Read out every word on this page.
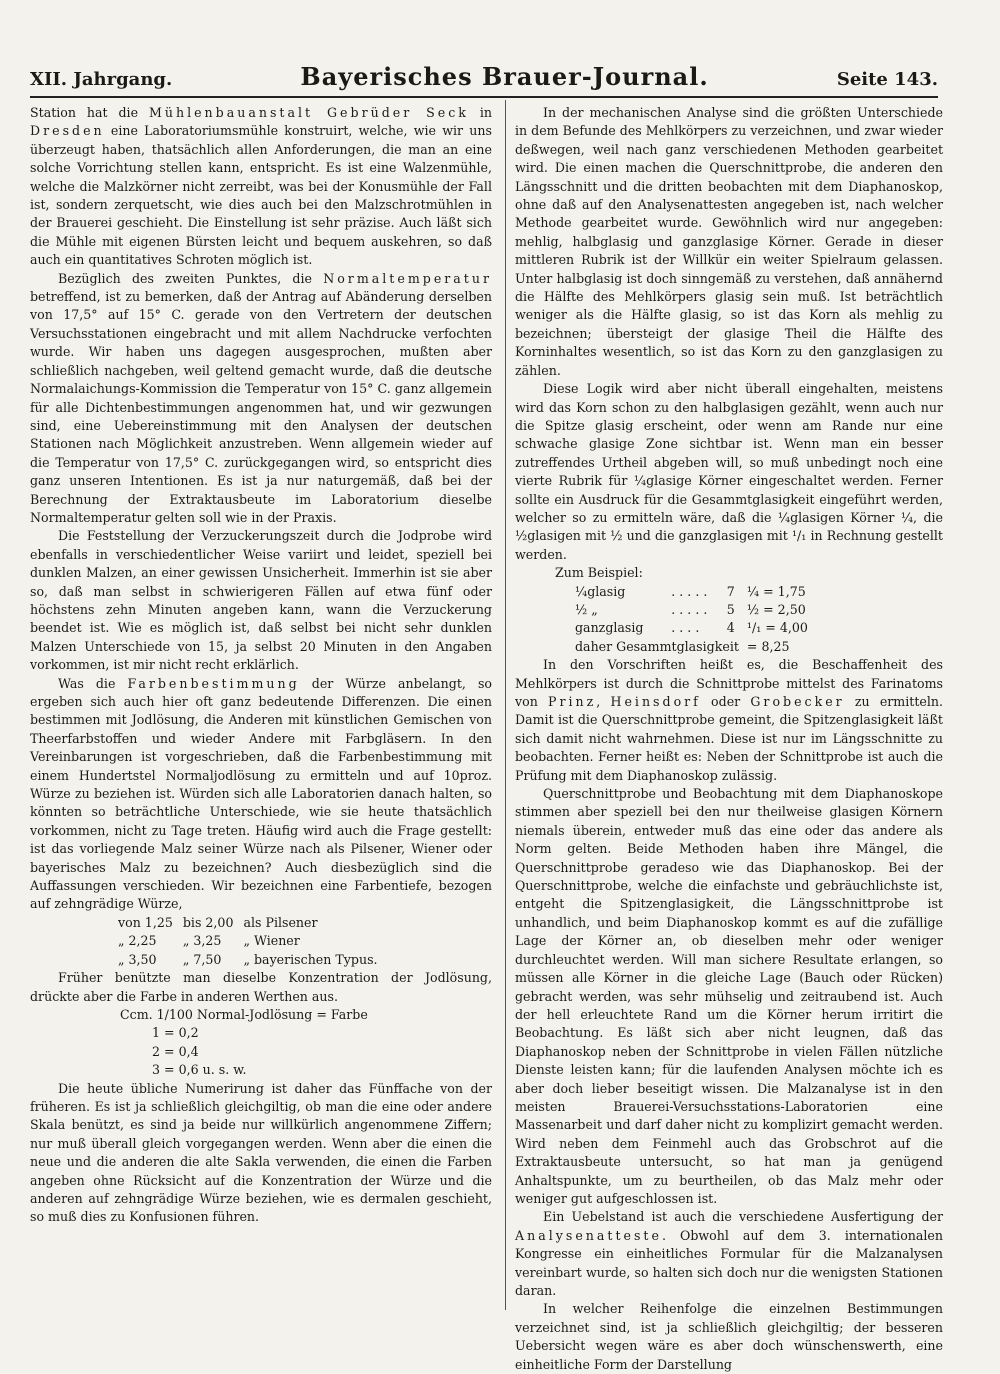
XII. Jahrgang.	Bayerisches Brauer-Journal.	Seite 143.

Station hat die Mühlenbauanstalt Gebrüder Seck in Dresden eine Laboratoriumsmühle konstruirt, welche, wie wir uns überzeugt haben, thatsächlich allen Anforderungen, die man an eine solche Vorrichtung stellen kann, entspricht. Es ist eine Walzenmühle, welche die Malzkörner nicht zerreibt, was bei der Konusmühle der Fall ist, sondern zerquetscht, wie dies auch bei den Malzschrotmühlen in der Brauerei geschieht. Die Einstellung ist sehr präzise. Auch läßt sich die Mühle mit eigenen Bürsten leicht und bequem auskehren, so daß auch ein quantitatives Schroten möglich ist.

Bezüglich des zweiten Punktes, die Normaltemperatur betreffend, ist zu bemerken, daß der Antrag auf Abänderung derselben von 17,5° auf 15° C. gerade von den Vertretern der deutschen Versuchsstationen eingebracht und mit allem Nachdrucke verfochten wurde. Wir haben uns dagegen ausgesprochen, mußten aber schließlich nachgeben, weil geltend gemacht wurde, daß die deutsche Normalaichungs-Kommission die Temperatur von 15° C. ganz allgemein für alle Dichtenbestimmungen angenommen hat, und wir gezwungen sind, eine Uebereinstimmung mit den Analysen der deutschen Stationen nach Möglichkeit anzustreben. Wenn allgemein wieder auf die Temperatur von 17,5° C. zurückgegangen wird, so entspricht dies ganz unseren Intentionen. Es ist ja nur naturgemäß, daß bei der Berechnung der Extraktausbeute im Laboratorium dieselbe Normaltemperatur gelten soll wie in der Praxis.

Die Feststellung der Verzuckerungszeit durch die Jodprobe wird ebenfalls in verschiedentlicher Weise variirt und leidet, speziell bei dunklen Malzen, an einer gewissen Unsicherheit. Immerhin ist sie aber so, daß man selbst in schwierigeren Fällen auf etwa fünf oder höchstens zehn Minuten angeben kann, wann die Verzuckerung beendet ist. Wie es möglich ist, daß selbst bei nicht sehr dunklen Malzen Unterschiede von 15, ja selbst 20 Minuten in den Angaben vorkommen, ist mir nicht recht erklärlich.

Was die Farbenbestimmung der Würze anbelangt, so ergeben sich auch hier oft ganz bedeutende Differenzen. Die einen bestimmen mit Jodlösung, die Anderen mit künstlichen Gemischen von Theerfarbstoffen und wieder Andere mit Farbgläsern. In den Vereinbarungen ist vorgeschrieben, daß die Farbenbestimmung mit einem Hundertstel Normaljodlösung zu ermitteln und auf 10proz. Würze zu beziehen ist. Würden sich alle Laboratorien danach halten, so könnten so beträchtliche Unterschiede, wie sie heute thatsächlich vorkommen, nicht zu Tage treten. Häufig wird auch die Frage gestellt: ist das vorliegende Malz seiner Würze nach als Pilsener, Wiener oder bayerisches Malz zu bezeichnen? Auch diesbezüglich sind die Auffassungen verschieden. Wir bezeichnen eine Farbentiefe, bezogen auf zehngrädige Würze,

von 1,25	bis 2,00	als Pilsener
„ 2,25	„ 3,25	„ Wiener
„ 3,50	„ 7,50	„ bayerischen Typus.

Früher benützte man dieselbe Konzentration der Jodlösung, drückte aber die Farbe in anderen Werthen aus.

Ccm. 1/100 Normal-Jodlösung = Farbe
1 = 0,2
2 = 0,4
3 = 0,6 u. s. w.

Die heute übliche Numerirung ist daher das Fünffache von der früheren. Es ist ja schließlich gleichgiltig, ob man die eine oder andere Skala benützt, es sind ja beide nur willkürlich angenommene Ziffern; nur muß überall gleich vorgegangen werden. Wenn aber die einen die neue und die anderen die alte Sakla verwenden, die einen die Farben angeben ohne Rücksicht auf die Konzentration der Würze und die anderen auf zehngrädige Würze beziehen, wie es dermalen geschieht, so muß dies zu Konfusionen führen.

In der mechanischen Analyse sind die größten Unterschiede in dem Befunde des Mehlkörpers zu verzeichnen, und zwar wieder deßwegen, weil nach ganz verschiedenen Methoden gearbeitet wird. Die einen machen die Querschnittprobe, die anderen den Längsschnitt und die dritten beobachten mit dem Diaphanoskop, ohne daß auf den Analysenattesten angegeben ist, nach welcher Methode gearbeitet wurde. Gewöhnlich wird nur angegeben: mehlig, halbglasig und ganzglasige Körner. Gerade in dieser mittleren Rubrik ist der Willkür ein weiter Spielraum gelassen. Unter halbglasig ist doch sinngemäß zu verstehen, daß annähernd die Hälfte des Mehlkörpers glasig sein muß. Ist beträchtlich weniger als die Hälfte glasig, so ist das Korn als mehlig zu bezeichnen; übersteigt der glasige Theil die Hälfte des Korninhaltes wesentlich, so ist das Korn zu den ganzglasigen zu zählen.

Diese Logik wird aber nicht überall eingehalten, meistens wird das Korn schon zu den halbglasigen gezählt, wenn auch nur die Spitze glasig erscheint, oder wenn am Rande nur eine schwache glasige Zone sichtbar ist. Wenn man ein besser zutreffendes Urtheil abgeben will, so muß unbedingt noch eine vierte Rubrik für ¼glasige Körner eingeschaltet werden. Ferner sollte ein Ausdruck für die Gesammtglasigkeit eingeführt werden, welcher so zu ermitteln wäre, daß die ¼glasigen Körner ¼, die ½glasigen mit ½ und die ganzglasigen mit ¹/₁ in Rechnung gestellt werden.

Zum Beispiel:
¼glasig	. . . . .	7	¼ = 1,75
½ „	. . . . .	5	½ = 2,50
ganzglasig	. . . .	4	¹/₁ = 4,00
daher Gesammtglasigkeit			= 8,25

In den Vorschriften heißt es, die Beschaffenheit des Mehlkörpers ist durch die Schnittprobe mittelst des Farinatoms von Prinz, Heinsdorf oder Grobecker zu ermitteln. Damit ist die Querschnittprobe gemeint, die Spitzenglasigkeit läßt sich damit nicht wahrnehmen. Diese ist nur im Längsschnitte zu beobachten. Ferner heißt es: Neben der Schnittprobe ist auch die Prüfung mit dem Diaphanoskop zulässig.

Querschnittprobe und Beobachtung mit dem Diaphanoskope stimmen aber speziell bei den nur theilweise glasigen Körnern niemals überein, entweder muß das eine oder das andere als Norm gelten. Beide Methoden haben ihre Mängel, die Querschnittprobe geradeso wie das Diaphanoskop. Bei der Querschnittprobe, welche die einfachste und gebräuchlichste ist, entgeht die Spitzenglasigkeit, die Längsschnittprobe ist unhandlich, und beim Diaphanoskop kommt es auf die zufällige Lage der Körner an, ob dieselben mehr oder weniger durchleuchtet werden. Will man sichere Resultate erlangen, so müssen alle Körner in die gleiche Lage (Bauch oder Rücken) gebracht werden, was sehr mühselig und zeitraubend ist. Auch der hell erleuchtete Rand um die Körner herum irritirt die Beobachtung. Es läßt sich aber nicht leugnen, daß das Diaphanoskop neben der Schnittprobe in vielen Fällen nützliche Dienste leisten kann; für die laufenden Analysen möchte ich es aber doch lieber beseitigt wissen. Die Malzanalyse ist in den meisten Brauerei-Versuchsstations-Laboratorien eine Massenarbeit und darf daher nicht zu komplizirt gemacht werden. Wird neben dem Feinmehl auch das Grobschrot auf die Extraktausbeute untersucht, so hat man ja genügend Anhaltspunkte, um zu beurtheilen, ob das Malz mehr oder weniger gut aufgeschlossen ist.

Ein Uebelstand ist auch die verschiedene Ausfertigung der Analysenatteste. Obwohl auf dem 3. internationalen Kongresse ein einheitliches Formular für die Malzanalysen vereinbart wurde, so halten sich doch nur die wenigsten Stationen daran.

In welcher Reihenfolge die einzelnen Bestimmungen verzeichnet sind, ist ja schließlich gleichgiltig; der besseren Uebersicht wegen wäre es aber doch wünschenswerth, eine einheitliche Form der Darstellung
